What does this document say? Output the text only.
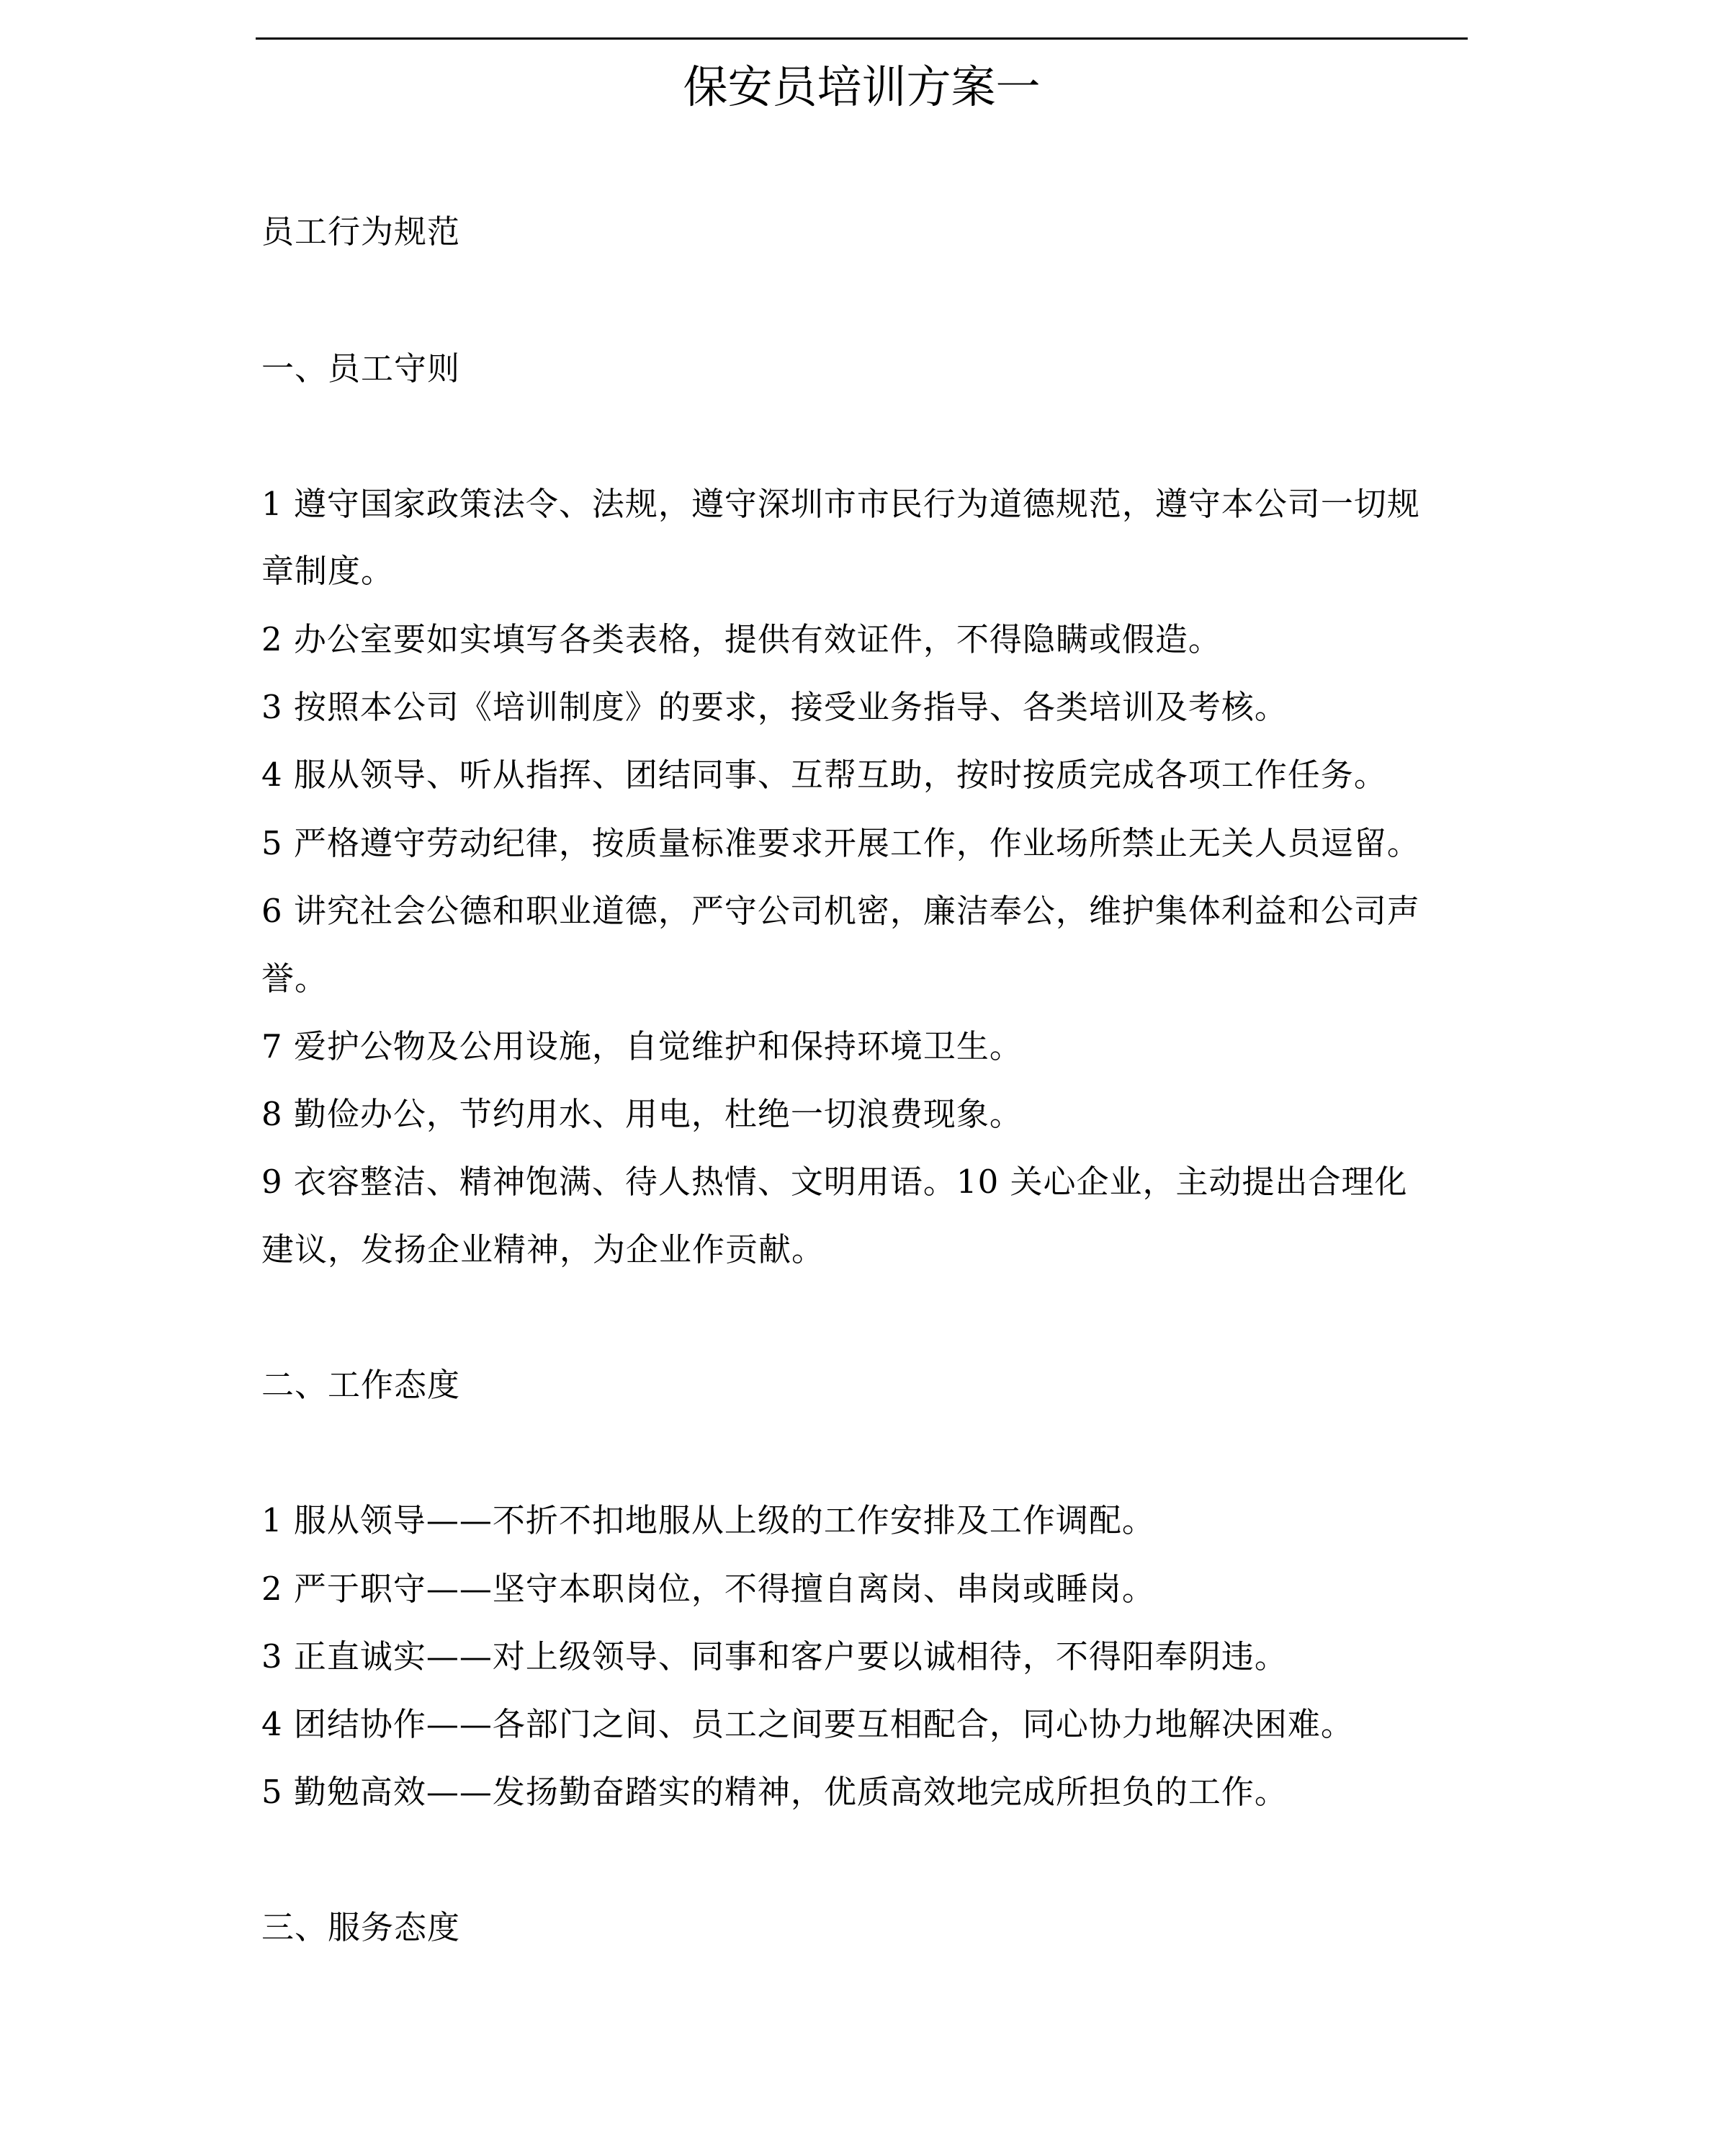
保安员培训方案一
员工行为规范
一、员工守则
1 遵守国家政策法令、法规，遵守深圳市市民行为道德规范，遵守本公司一切规
章制度。
2 办公室要如实填写各类表格，提供有效证件，不得隐瞒或假造。
3 按照本公司《培训制度》的要求，接受业务指导、各类培训及考核。
4 服从领导、听从指挥、团结同事、互帮互助，按时按质完成各项工作任务。
5 严格遵守劳动纪律，按质量标准要求开展工作，作业场所禁止无关人员逗留。
6 讲究社会公德和职业道德，严守公司机密，廉洁奉公，维护集体利益和公司声
誉。
7 爱护公物及公用设施，自觉维护和保持环境卫生。
8 勤俭办公，节约用水、用电，杜绝一切浪费现象。
9 衣容整洁、精神饱满、待人热情、文明用语。10 关心企业，主动提出合理化
建议，发扬企业精神，为企业作贡献。
二、工作态度
1 服从领导——不折不扣地服从上级的工作安排及工作调配。
2 严于职守——坚守本职岗位，不得擅自离岗、串岗或睡岗。
3 正直诚实——对上级领导、同事和客户要以诚相待，不得阳奉阴违。
4 团结协作——各部门之间、员工之间要互相配合，同心协力地解决困难。
5 勤勉高效——发扬勤奋踏实的精神，优质高效地完成所担负的工作。
三、服务态度
